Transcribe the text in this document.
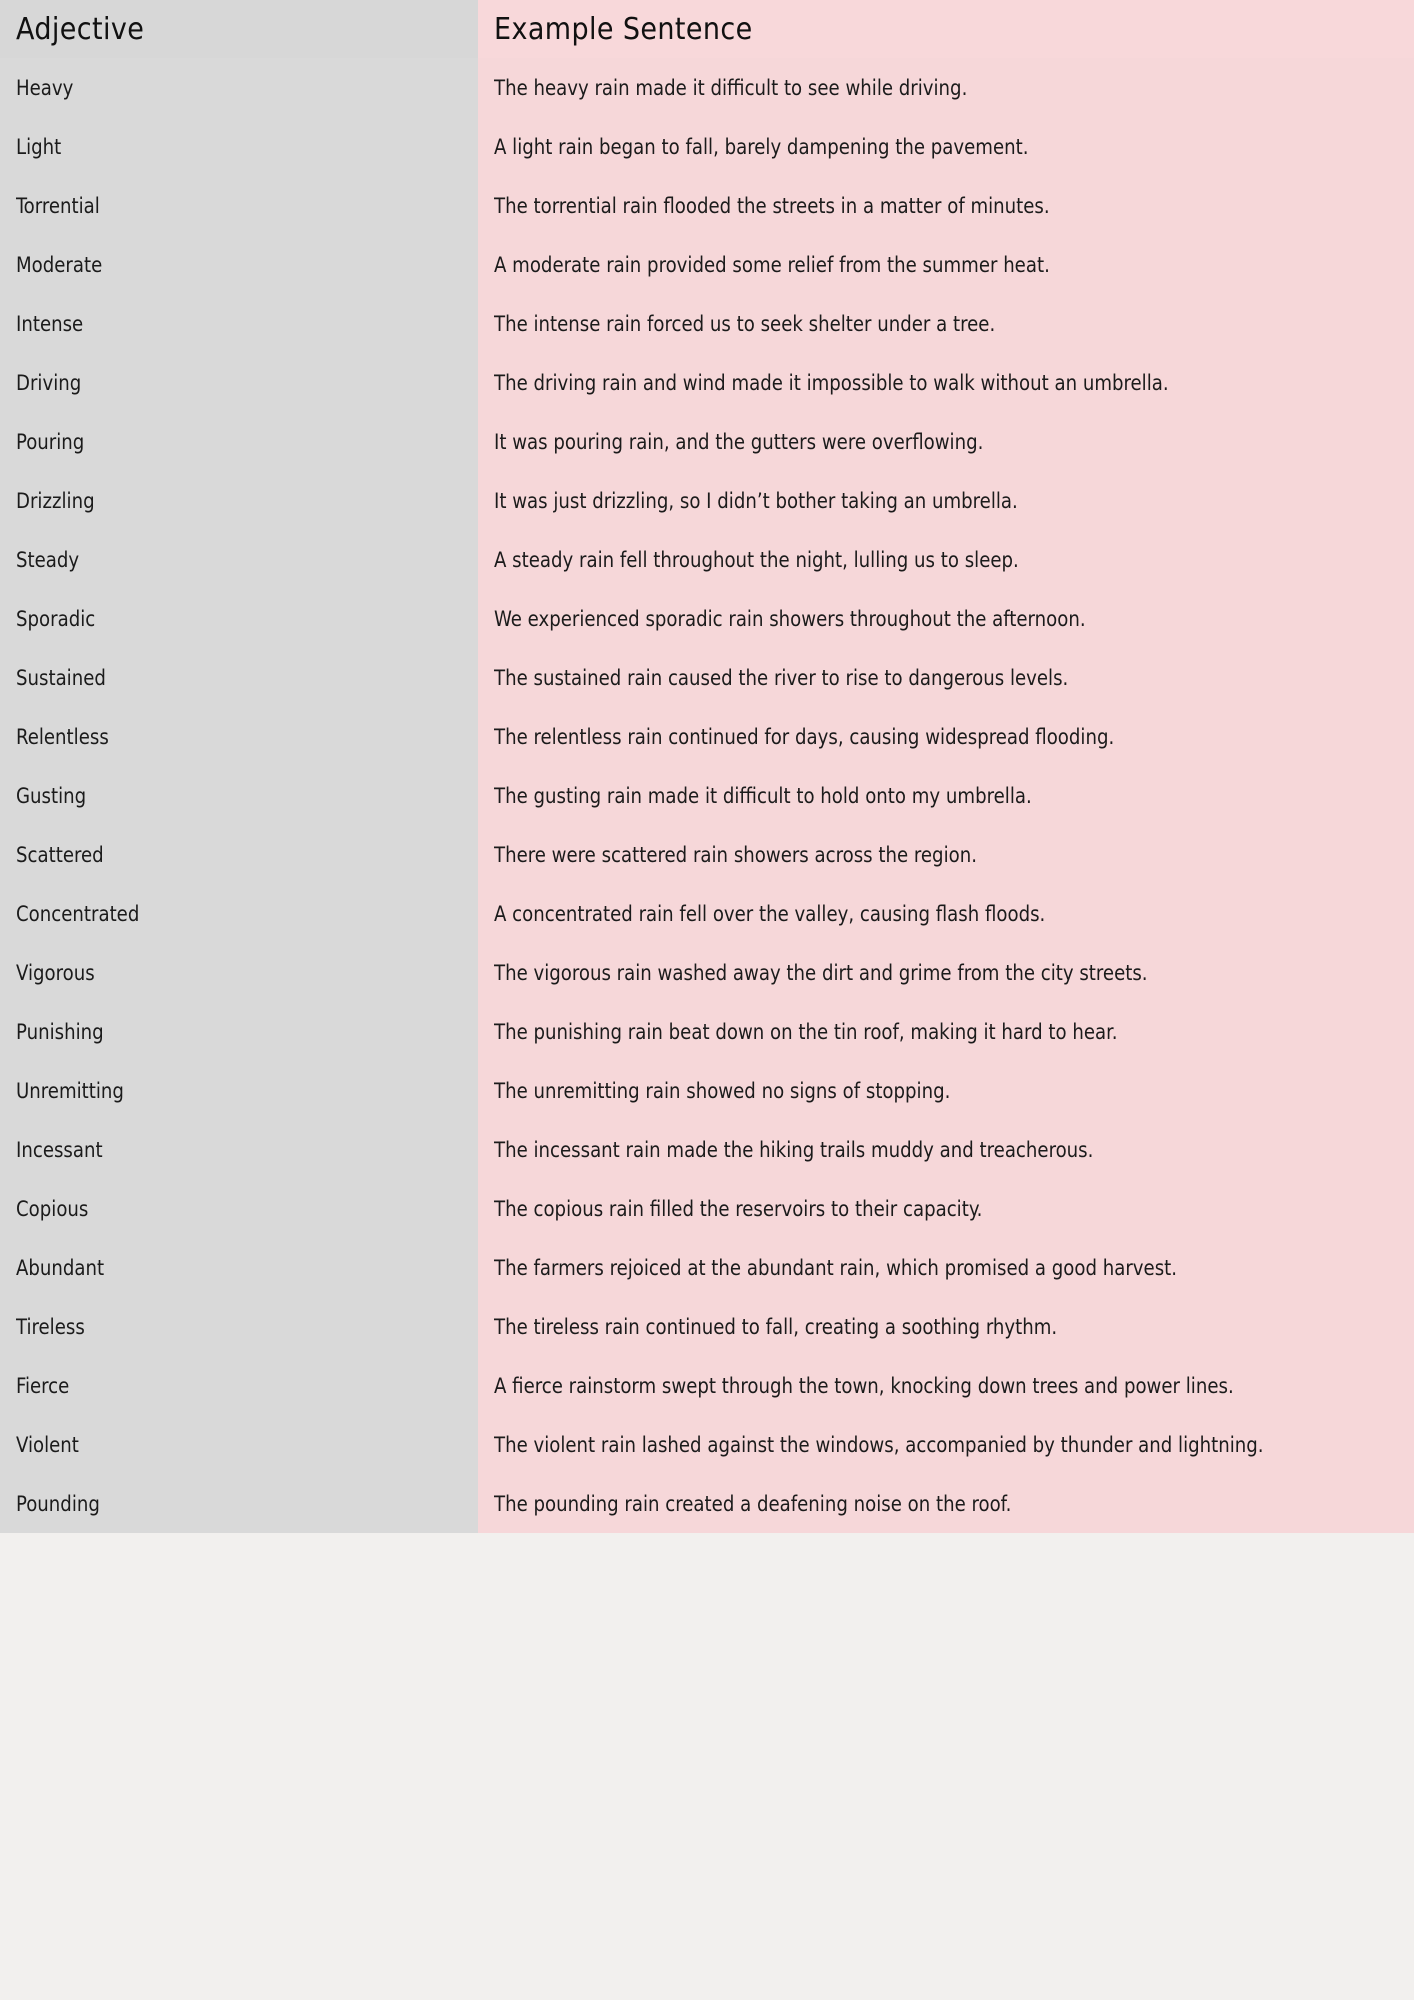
Adjective	Example Sentence

Heavy	The heavy rain made it difficult to see while driving.

Light	A light rain began to fall, barely dampening the pavement.

Torrential	The torrential rain flooded the streets in a matter of minutes.

Moderate	A moderate rain provided some relief from the summer heat.

Intense	The intense rain forced us to seek shelter under a tree.

Driving	The driving rain and wind made it impossible to walk without an umbrella.

Pouring	It was pouring rain, and the gutters were overflowing.

Drizzling	It was just drizzling, so I didn’t bother taking an umbrella.

Steady	A steady rain fell throughout the night, lulling us to sleep.

Sporadic	We experienced sporadic rain showers throughout the afternoon.

Sustained	The sustained rain caused the river to rise to dangerous levels.

Relentless	The relentless rain continued for days, causing widespread flooding.

Gusting	The gusting rain made it difficult to hold onto my umbrella.

Scattered	There were scattered rain showers across the region.

Concentrated	A concentrated rain fell over the valley, causing flash floods.

Vigorous	The vigorous rain washed away the dirt and grime from the city streets.

Punishing	The punishing rain beat down on the tin roof, making it hard to hear.

Unremitting	The unremitting rain showed no signs of stopping.

Incessant	The incessant rain made the hiking trails muddy and treacherous.

Copious	The copious rain filled the reservoirs to their capacity.

Abundant	The farmers rejoiced at the abundant rain, which promised a good harvest.

Tireless	The tireless rain continued to fall, creating a soothing rhythm.

Fierce	A fierce rainstorm swept through the town, knocking down trees and power lines.

Violent	The violent rain lashed against the windows, accompanied by thunder and lightning.

Pounding	The pounding rain created a deafening noise on the roof.
